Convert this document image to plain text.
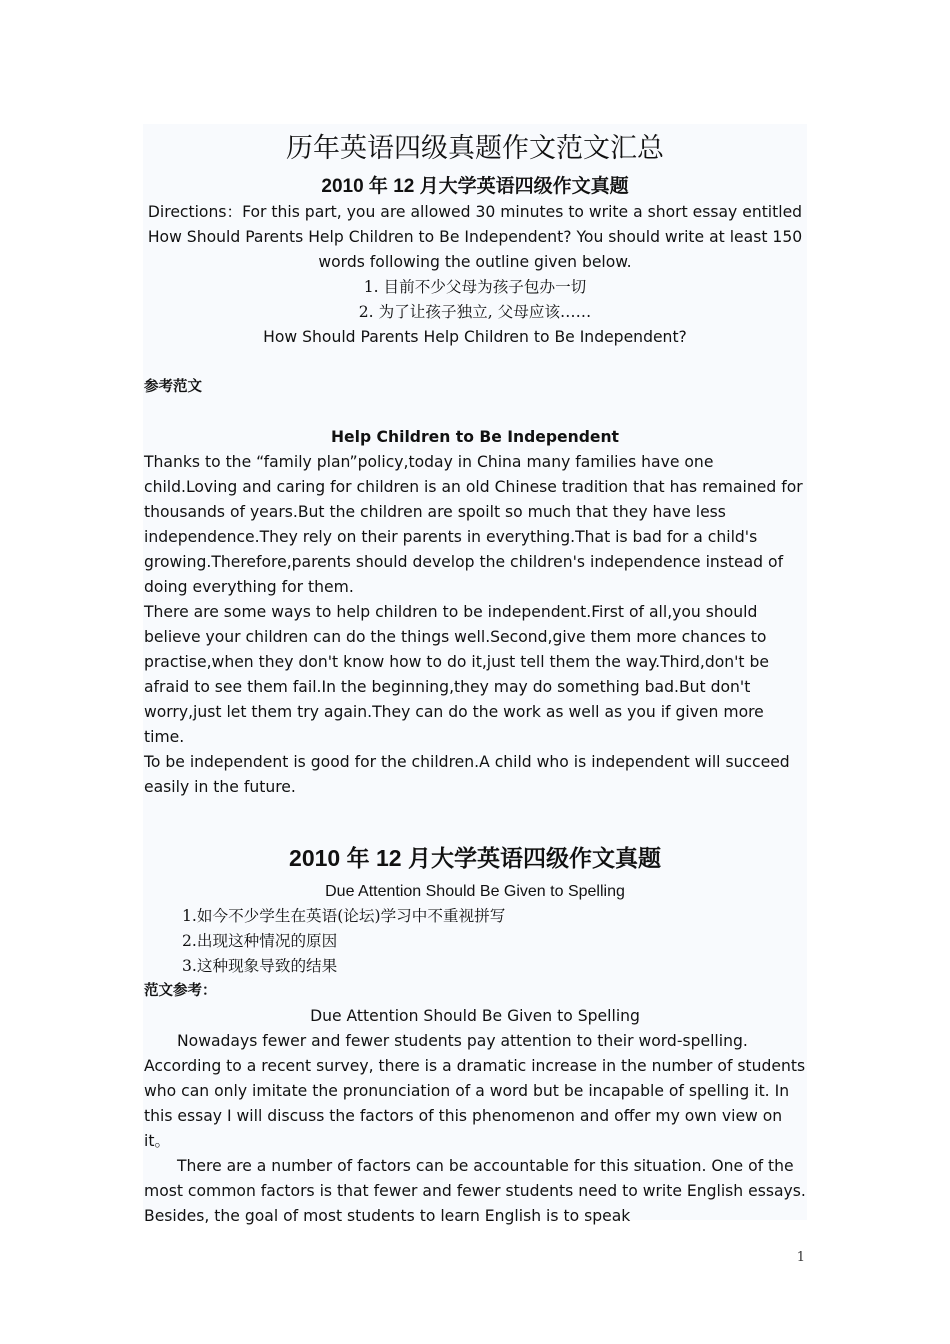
历年英语四级真题作文范文汇总
2010 年 12 月大学英语四级作文真题

Directions：For this part, you are allowed 30 minutes to write a short essay entitled How Should Parents Help Children to Be Independent? You should write at least 150 words following the outline given below.

1. 目前不少父母为孩子包办一切

2. 为了让孩子独立, 父母应该……

How Should Parents Help Children to Be Independent?

参考范文

Help Children to Be Independent

Thanks to the “family plan”policy,today in China many families have one child.Loving and caring for children is an old Chinese tradition that has remained for thousands of years.But the children are spoilt so much that they have less independence.They rely on their parents in everything.That is bad for a child's growing.Therefore,parents should develop the children's independence instead of doing everything for them.

There are some ways to help children to be independent.First of all,you should believe your children can do the things well.Second,give them more chances to practise,when they don't know how to do it,just tell them the way.Third,don't be afraid to see them fail.In the beginning,they may do something bad.But don't worry,just let them try again.They can do the work as well as you if given more time.

To be independent is good for the children.A child who is independent will succeed easily in the future.

2010 年 12 月大学英语四级作文真题

Due Attention Should Be Given to Spelling

1.如今不少学生在英语(论坛)学习中不重视拼写

2.出现这种情况的原因

3.这种现象导致的结果

范文参考：

Due Attention Should Be Given to Spelling

Nowadays fewer and fewer students pay attention to their word-spelling. According to a recent survey, there is a dramatic increase in the number of students who can only imitate the pronunciation of a word but be incapable of spelling it. In this essay I will discuss the factors of this phenomenon and offer my own view on it。

There are a number of factors can be accountable for this situation. One of the most common factors is that fewer and fewer students need to write English essays. Besides, the goal of most students to learn English is to speak

1
